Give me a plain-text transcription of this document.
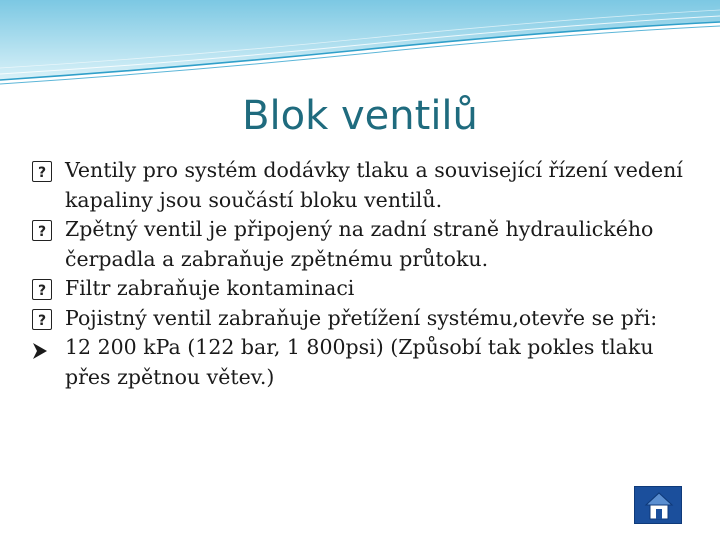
Blok ventilů

?
Ventily pro systém dodávky tlaku a související řízení vedení kapaliny jsou součástí bloku ventilů.

?
Zpětný ventil je připojený na zadní straně hydraulického čerpadla a zabraňuje zpětnému průtoku.

?
Filtr zabraňuje kontaminaci

?
Pojistný ventil zabraňuje přetížení systému,otevře se při:

12 200 kPa (122 bar, 1 800psi) (Způsobí tak pokles tlaku přes zpětnou větev.)
